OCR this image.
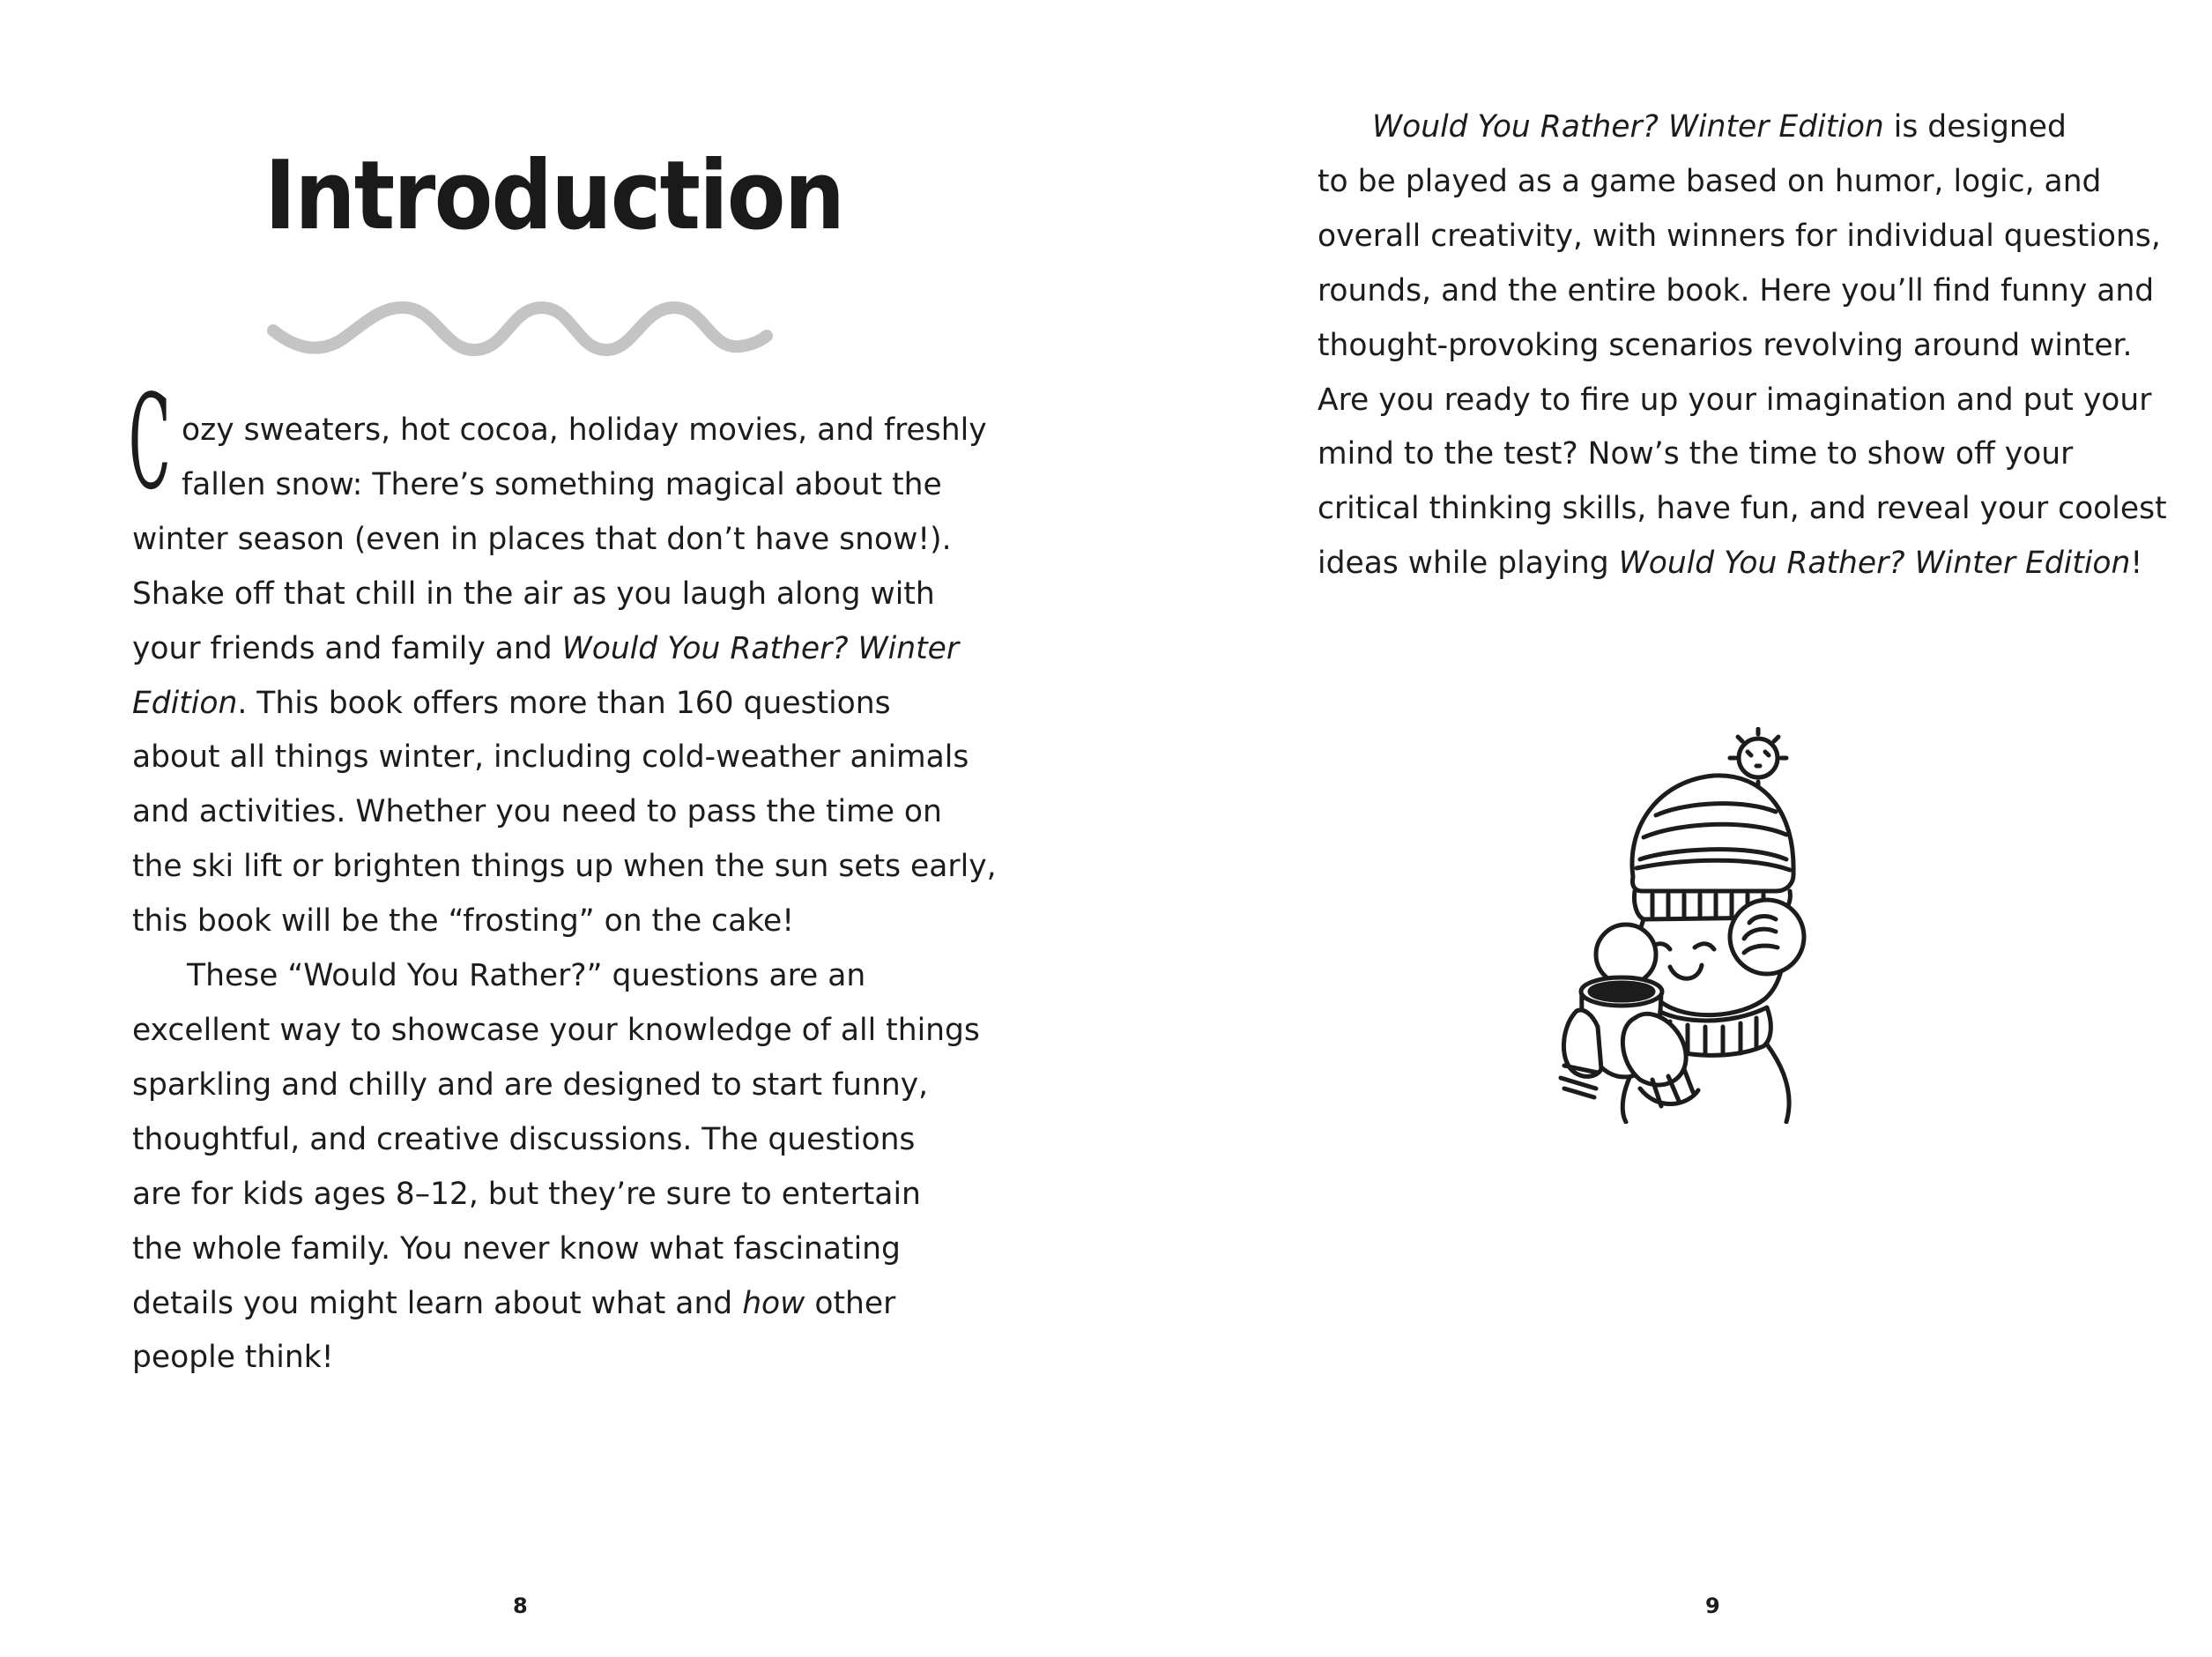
Introduction
C ozy sweaters, hot cocoa, holiday movies, and freshly
fallen snow: There’s something magical about the
winter season (even in places that don’t have snow!).
Shake off that chill in the air as you laugh along with
your friends and family and Would You Rather? Winter
Edition. This book offers more than 160 questions
about all things winter, including cold-weather animals
and activities. Whether you need to pass the time on
the ski lift or brighten things up when the sun sets early,
this book will be the “frosting” on the cake!
These “Would You Rather?” questions are an
excellent way to showcase your knowledge of all things
sparkling and chilly and are designed to start funny,
thoughtful, and creative discussions. The questions
are for kids ages 8–12, but they’re sure to entertain
the whole family. You never know what fascinating
details you might learn about what and how other
people think!
8
Would You Rather? Winter Edition is designed
to be played as a game based on humor, logic, and
overall creativity, with winners for individual questions,
rounds, and the entire book. Here you’ll find funny and
thought-provoking scenarios revolving around winter.
Are you ready to fire up your imagination and put your
mind to the test? Now’s the time to show off your
critical thinking skills, have fun, and reveal your coolest
ideas while playing Would You Rather? Winter Edition!
9
